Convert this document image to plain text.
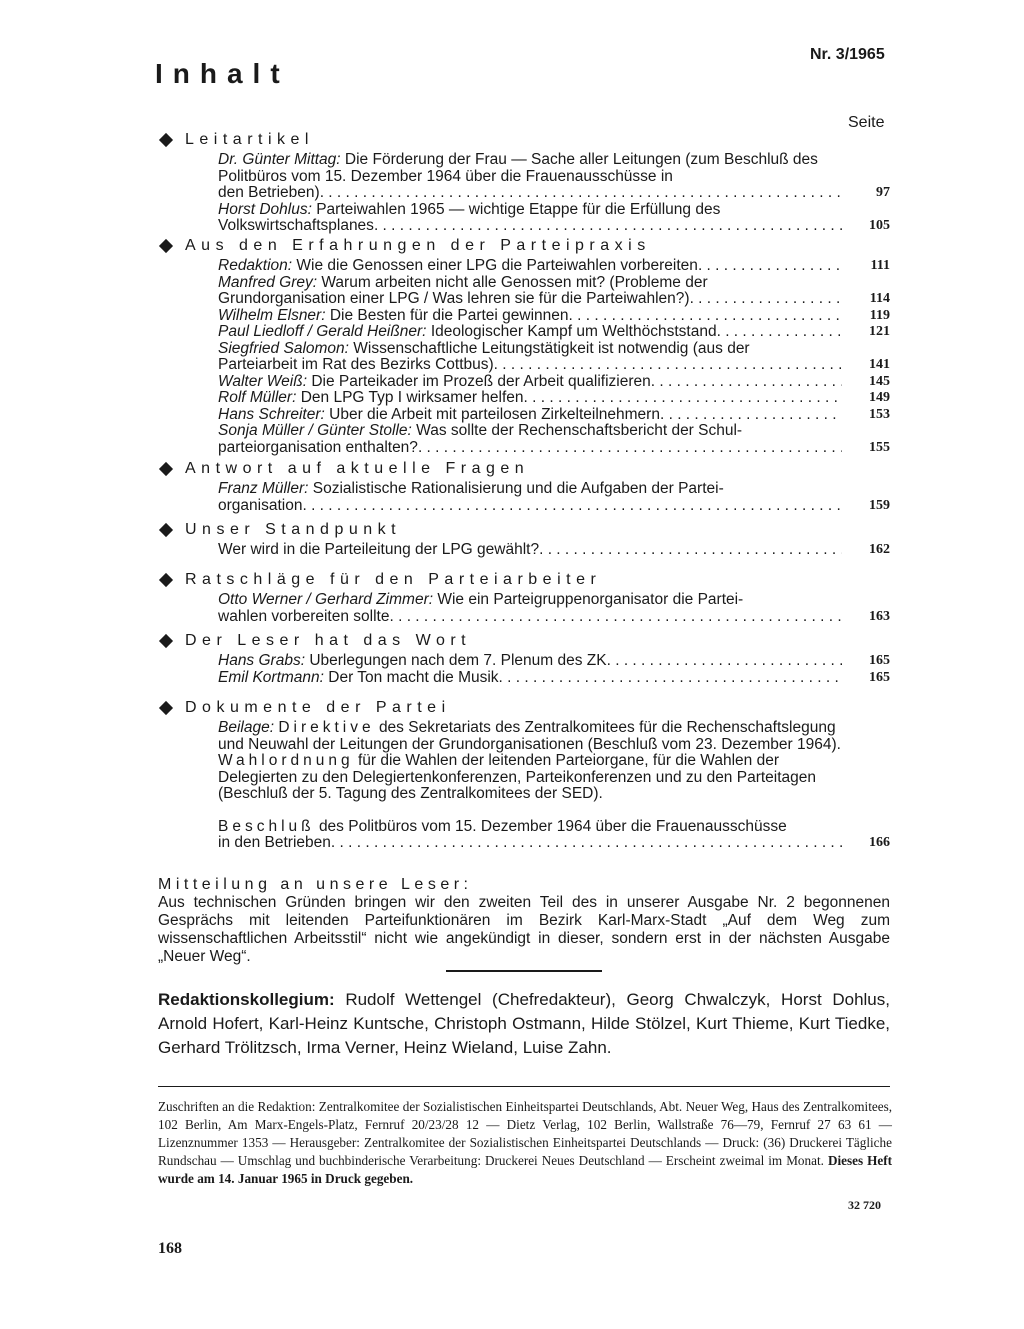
Nr. 3/1965
Inhalt
Seite
Leitartikel
Dr. Günter Mittag: Die Förderung der Frau — Sache aller Leitungen (zum Beschluß des Politbüros vom 15. Dezember 1964 über die Frauenausschüsse in
den Betrieben) . . .	97
Horst Dohlus: Parteiwahlen 1965 — wichtige Etappe für die Erfüllung des
Volkswirtschaftsplanes . . .	105
Aus den Erfahrungen der Parteipraxis
Redaktion:
Wie die Genossen einer LPG die Parteiwahlen vorbereiten . . .	111
Manfred Grey: Warum arbeiten nicht alle Genossen mit? (Probleme der
Grundorganisation einer LPG / Was lehren sie für die Parteiwahlen?) . . .	114
Wilhelm Elsner:
Die Besten für die Partei gewinnen . . .	119
Paul Liedloff / Gerald Heißner:
Ideologischer Kampf um Welthöchststand . . .	121
Siegfried Salomon: Wissenschaftliche Leitungstätigkeit ist notwendig (aus der
Parteiarbeit im Rat des Bezirks Cottbus) . . .	141
Walter Weiß:
Die Parteikader im Prozeß der Arbeit qualifizieren . . .	145
Rolf Müller:
Den LPG Typ I wirksamer helfen . . .	149
Hans Schreiter:
Über die Arbeit mit parteilosen Zirkelteilnehmern . . .	153
Sonja Müller / Günter Stolle: Was sollte der Rechenschaftsbericht der Schul-
parteiorganisation enthalten? . . .	155
Antwort auf aktuelle Fragen
Franz Müller: Sozialistische Rationalisierung und die Aufgaben der Partei-
organisation . . .	159
Unser Standpunkt
Wer wird in die Parteileitung der LPG gewählt? . . .	162
Ratschläge für den Parteiarbeiter
Otto Werner / Gerhard Zimmer: Wie ein Parteigruppenorganisator die Partei-
wahlen vorbereiten sollte . . .	163
Der Leser hat das Wort
Hans Grabs:
Überlegungen nach dem 7. Plenum des ZK . . .	165
Emil Kortmann:
Der Ton macht die Musik . . .	165
Dokumente der Partei
Beilage: Direktive des Sekretariats des Zentralkomitees für die Rechenschaftslegung und Neuwahl der Leitungen der Grundorganisationen (Beschluß vom 23. Dezember 1964).
Wahlordnung für die Wahlen der leitenden Parteiorgane, für die Wahlen der Delegierten zu den Delegiertenkonferenzen, Parteikonferenzen und zu den Parteitagen (Beschluß der 5. Tagung des Zentralkomitees der SED).
Beschluß des Politbüros vom 15. Dezember 1964 über die Frauenausschüsse
in den Betrieben . . .	166
Mitteilung an unsere Leser:
Aus technischen Gründen bringen wir den zweiten Teil des in unserer Ausgabe Nr. 2 begonnenen Gesprächs mit leitenden Parteifunktionären im Bezirk Karl-Marx-Stadt „Auf dem Weg zum wissenschaftlichen Arbeitsstil“ nicht wie angekündigt in dieser, sondern erst in der nächsten Ausgabe „Neuer Weg“.
Redaktionskollegium: Rudolf Wettengel (Chefredakteur), Georg Chwalczyk, Horst Dohlus, Arnold Hofert, Karl-Heinz Kuntsche, Christoph Ostmann, Hilde Stölzel, Kurt Thieme, Kurt Tiedke, Gerhard Trölitzsch, Irma Verner, Heinz Wieland, Luise Zahn.
Zuschriften an die Redaktion: Zentralkomitee der Sozialistischen Einheitspartei Deutschlands, Abt. Neuer Weg, Haus des Zentralkomitees, 102 Berlin, Am Marx-Engels-Platz, Fernruf 20/23/28 12 — Dietz Verlag, 102 Berlin, Wallstraße 76—79, Fernruf 27 63 61 — Lizenznummer 1353 — Herausgeber: Zentralkomitee der Sozialistischen Einheitspartei Deutschlands — Druck: (36) Druckerei Tägliche Rundschau — Umschlag und buchbinderische Verarbeitung: Druckerei Neues Deutschland — Erscheint zweimal im Monat. Dieses Heft wurde am 14. Januar 1965 in Druck gegeben.
32 720
168
